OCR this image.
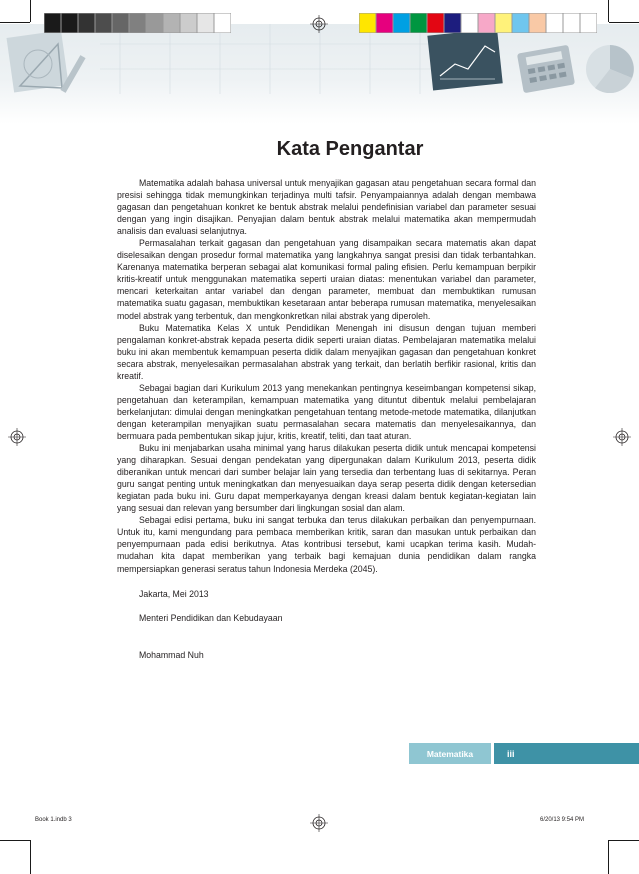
Kata Pengantar

Matematika adalah bahasa universal untuk menyajikan gagasan atau pengetahuan secara formal dan presisi sehingga tidak memungkinkan terjadinya multi tafsir. Penyampaiannya adalah dengan membawa gagasan dan pengetahuan konkret ke bentuk abstrak melalui pendefinisian variabel dan parameter sesuai dengan yang ingin disajikan. Penyajian dalam bentuk abstrak melalui matematika akan mempermudah analisis dan evaluasi selanjutnya.

Permasalahan terkait gagasan dan pengetahuan yang disampaikan secara matematis akan dapat diselesaikan dengan prosedur formal matematika yang langkahnya sangat presisi dan tidak terbantahkan. Karenanya matematika berperan sebagai alat komunikasi formal paling efisien. Perlu kemampuan berpikir kritis-kreatif untuk menggunakan matematika seperti uraian diatas: menentukan variabel dan parameter, mencari keterkaitan antar variabel dan dengan parameter, membuat dan membuktikan rumusan matematika suatu gagasan, membuktikan kesetaraan antar beberapa rumusan matematika, menyelesaikan model abstrak yang terbentuk, dan mengkonkretkan nilai abstrak yang diperoleh.

Buku Matematika Kelas X untuk Pendidikan Menengah ini disusun dengan tujuan memberi pengalaman konkret-abstrak kepada peserta didik seperti uraian diatas. Pembelajaran matematika melalui buku ini akan membentuk kemampuan peserta didik dalam menyajikan gagasan dan pengetahuan konkret secara abstrak, menyelesaikan permasalahan abstrak yang terkait, dan berlatih berfikir rasional, kritis dan kreatif.

Sebagai bagian dari Kurikulum 2013 yang menekankan pentingnya keseimbangan kompetensi sikap, pengetahuan dan keterampilan, kemampuan matematika yang dituntut dibentuk melalui pembelajaran berkelanjutan: dimulai dengan meningkatkan pengetahuan tentang metode-metode matematika, dilanjutkan dengan keterampilan menyajikan suatu permasalahan secara matematis dan menyelesaikannya, dan bermuara pada pembentukan sikap jujur, kritis, kreatif, teliti, dan taat aturan.

Buku ini menjabarkan usaha minimal yang harus dilakukan peserta didik untuk mencapai kompetensi yang diharapkan. Sesuai dengan pendekatan yang dipergunakan dalam Kurikulum 2013, peserta didik diberanikan untuk mencari dari sumber belajar lain yang tersedia dan terbentang luas di sekitarnya. Peran guru sangat penting untuk meningkatkan dan menyesuaikan daya serap peserta didik dengan ketersedian kegiatan pada buku ini. Guru dapat memperkayanya dengan kreasi dalam bentuk kegiatan-kegiatan lain yang sesuai dan relevan yang bersumber dari lingkungan sosial dan alam.

Sebagai edisi pertama, buku ini sangat terbuka dan terus dilakukan perbaikan dan penyempurnaan. Untuk itu, kami mengundang para pembaca memberikan kritik, saran dan masukan untuk perbaikan dan penyempurnaan pada edisi berikutnya. Atas kontribusi tersebut, kami ucapkan terima kasih. Mudah-mudahan kita dapat memberikan yang terbaik bagi kemajuan dunia pendidikan dalam rangka mempersiapkan generasi seratus tahun Indonesia Merdeka (2045).

Jakarta, Mei 2013
Menteri Pendidikan dan Kebudayaan
Mohammad Nuh
Matematika	iii
Book 1.indb 3	6/20/13 9:54 PM
